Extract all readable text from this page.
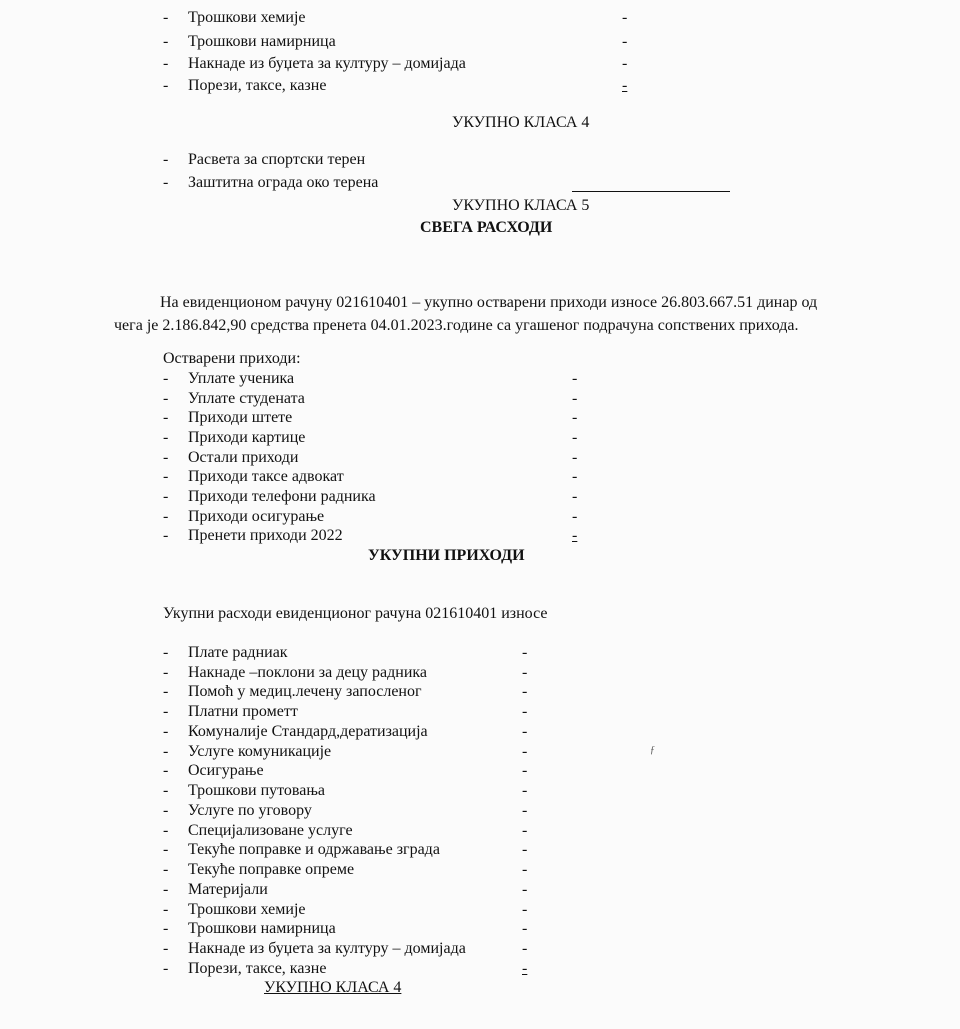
- Трошкови хемије	-
- Трошкови намирница	-
- Накнаде из буџета за културу – домијада	-
- Порези, таксе, казне	-
УКУПНО КЛАСА 4
- Расвета за спортски терен
- Заштитна ограда око терена
УКУПНО КЛАСА 5
СВЕГА РАСХОДИ
На евиденционом рачуну 021610401 – укупно остварени приходи износе 26.803.667.51 динар од
чега је 2.186.842,90 средства пренета 04.01.2023.године са угашеног подрачуна сопствених прихода.
Остварени приходи:
- Уплате ученика	-
- Уплате студената	-
- Приходи штете	-
- Приходи картице	-
- Остали приходи	-
- Приходи таксе адвокат	-
- Приходи телефони радника	-
- Приходи осигурање	-
- Пренети приходи 2022	-
УКУПНИ ПРИХОДИ
Укупни расходи евиденционог рачуна 021610401 износе
- Плате радниак	-
- Накнаде –поклони за децу радника	-
- Помоћ у медиц.лечену запосленог	-
- Платни прометт	-
- Комуналије Стандард,дератизација	-
- Услуге комуникације	-
- Осигурање	-
- Трошкови путовања	-
- Услуге по уговору	-
- Специјализоване услуге	-
- Текуће поправке и одржавање зграда	-
- Текуће поправке опреме	-
- Материјали	-
- Трошкови хемије	-
- Трошкови намирница	-
- Накнаде из буџета за културу – домијада	-
- Порези, таксе, казне	-
УКУПНО КЛАСА 4
ƒ
